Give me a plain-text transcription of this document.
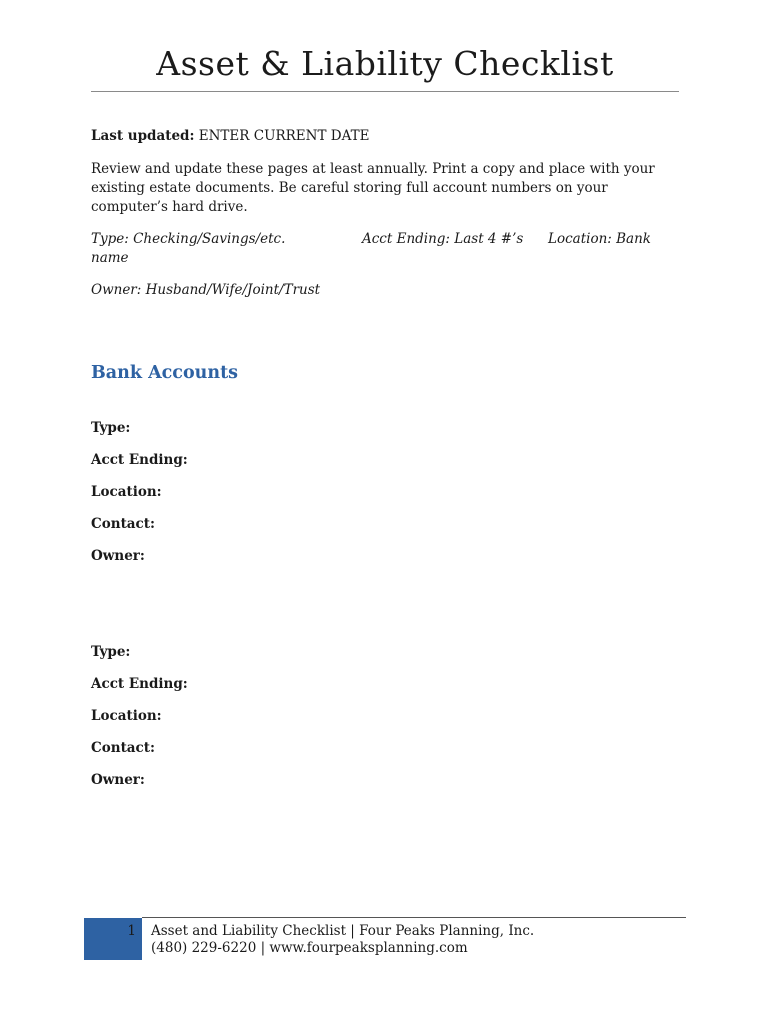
Asset & Liability Checklist
Last updated: ENTER CURRENT DATE
Review and update these pages at least annually. Print a copy and place with your
existing estate documents. Be careful storing full account numbers on your
computer’s hard drive.
Type: Checking/Savings/etc.
name
Acct Ending: Last 4 #’s Location: Bank
Owner: Husband/Wife/Joint/Trust
Bank Accounts
Type:
Acct Ending:
Location:
Contact:
Owner:
Type:
Acct Ending:
Location:
Contact:
Owner:
1 Asset and Liability Checklist | Four Peaks Planning, Inc.
(480) 229-6220 | www.fourpeaksplanning.com
